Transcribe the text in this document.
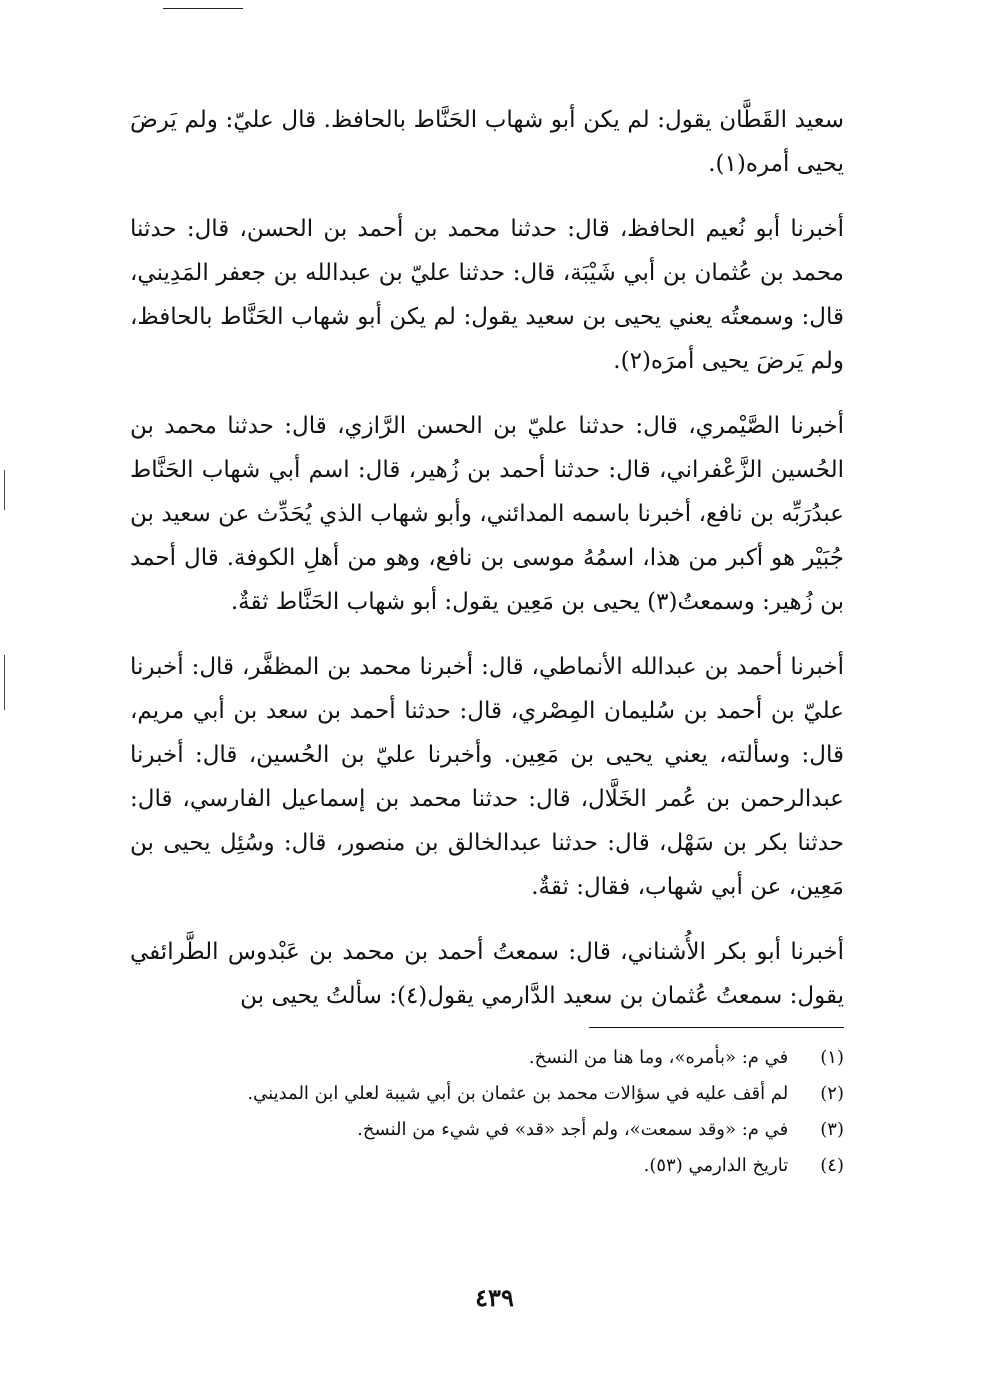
سعيد القَطَّان يقول: لم يكن أبو شهاب الحَنَّاط بالحافظ. قال عليّ: ولم يَرضَ يحيى أمره(١).

أخبرنا أبو نُعيم الحافظ، قال: حدثنا محمد بن أحمد بن الحسن، قال: حدثنا محمد بن عُثمان بن أبي شَيْبَة، قال: حدثنا عليّ بن عبدالله بن جعفر المَدِيني، قال: وسمعتُه يعني يحيى بن سعيد يقول: لم يكن أبو شهاب الحَنَّاط بالحافظ، ولم يَرضَ يحيى أمرَه(٢).

أخبرنا الصَّيْمري، قال: حدثنا عليّ بن الحسن الرَّازي، قال: حدثنا محمد بن الحُسين الزَّعْفراني، قال: حدثنا أحمد بن زُهير، قال: اسم أبي شهاب الحَنَّاط عبدُرَبِّه بن نافع، أخبرنا باسمه المدائني، وأبو شهاب الذي يُحَدِّث عن سعيد بن جُبَيْر هو أكبر من هذا، اسمُهُ موسى بن نافع، وهو من أهلِ الكوفة. قال أحمد بن زُهير: وسمعتُ(٣) يحيى بن مَعِين يقول: أبو شهاب الحَنَّاط ثقةٌ.

أخبرنا أحمد بن عبدالله الأنماطي، قال: أخبرنا محمد بن المظفَّر، قال: أخبرنا عليّ بن أحمد بن سُليمان المِصْري، قال: حدثنا أحمد بن سعد بن أبي مريم، قال: وسألته، يعني يحيى بن مَعِين. وأخبرنا عليّ بن الحُسين، قال: أخبرنا عبدالرحمن بن عُمر الخَلَّال، قال: حدثنا محمد بن إسماعيل الفارسي، قال: حدثنا بكر بن سَهْل، قال: حدثنا عبدالخالق بن منصور، قال: وسُئِل يحيى بن مَعِين، عن أبي شهاب، فقال: ثقةٌ.

أخبرنا أبو بكر الأُشناني، قال: سمعتُ أحمد بن محمد بن عَبْدوس الطَّرائفي يقول: سمعتُ عُثمان بن سعيد الدَّارمي يقول(٤): سألتُ يحيى بن

(١) في م: «بأمره»، وما هنا من النسخ.
(٢) لم أقف عليه في سؤالات محمد بن عثمان بن أبي شيبة لعلي ابن المديني.
(٣) في م: «وقد سمعت»، ولم أجد «قد» في شيء من النسخ.
(٤) تاريخ الدارمي (٥٣).
٤٣٩
